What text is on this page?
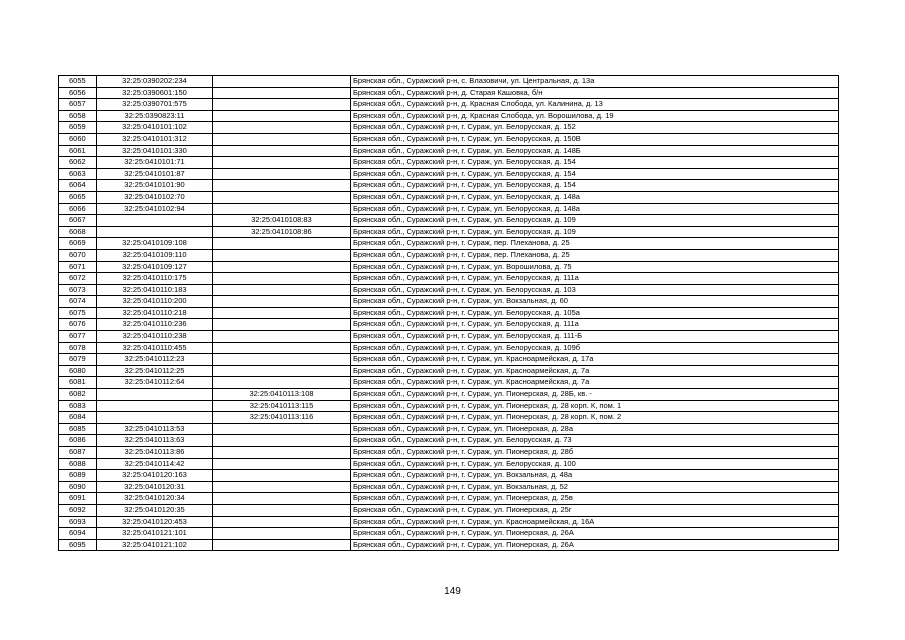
6055	32:25:0390202:234		Брянская обл., Суражский р-н, с. Влазовичи, ул. Центральная, д. 13а
6056	32:25:0390601:150		Брянская обл., Суражский р-н, д. Старая Кашовка, б/н
6057	32:25:0390701:575		Брянская обл., Суражский р-н, д. Красная Слобода, ул. Калинина, д. 13
6058	32:25:0390823:11		Брянская обл., Суражский р-н, д. Красная Слобода, ул. Ворошилова, д. 19
6059	32:25:0410101:102		Брянская обл., Суражский р-н, г. Сураж, ул. Белорусская, д. 152
6060	32:25:0410101:312		Брянская обл., Суражский р-н, г. Сураж, ул. Белорусская, д. 150В
6061	32:25:0410101:330		Брянская обл., Суражский р-н, г. Сураж, ул. Белорусская, д. 148Б
6062	32:25:0410101:71		Брянская обл., Суражский р-н, г. Сураж, ул. Белорусская, д. 154
6063	32:25:0410101:87		Брянская обл., Суражский р-н, г. Сураж, ул. Белорусская, д. 154
6064	32:25:0410101:90		Брянская обл., Суражский р-н, г. Сураж, ул. Белорусская, д. 154
6065	32:25:0410102:70		Брянская обл., Суражский р-н, г. Сураж, ул. Белорусская, д. 148а
6066	32:25:0410102:94		Брянская обл., Суражский р-н, г. Сураж, ул. Белорусская, д. 148а
6067		32:25:0410108:83	Брянская обл., Суражский р-н, г. Сураж, ул. Белорусская, д. 109
6068		32:25:0410108:86	Брянская обл., Суражский р-н, г. Сураж, ул. Белорусская, д. 109
6069	32:25:0410109:108		Брянская обл., Суражский р-н, г. Сураж, пер. Плеханова, д. 25
6070	32:25:0410109:110		Брянская обл., Суражский р-н, г. Сураж, пер. Плеханова, д. 25
6071	32:25:0410109:127		Брянская обл., Суражский р-н, г. Сураж, ул. Ворошилова, д. 75
6072	32:25:0410110:175		Брянская обл., Суражский р-н, г. Сураж, ул. Белорусская, д. 111а
6073	32:25:0410110:183		Брянская обл., Суражский р-н, г. Сураж, ул. Белорусская, д. 103
6074	32:25:0410110:200		Брянская обл., Суражский р-н, г. Сураж, ул. Вокзальная, д. 60
6075	32:25:0410110:218		Брянская обл., Суражский р-н, г. Сураж, ул. Белорусская, д. 105а
6076	32:25:0410110:236		Брянская обл., Суражский р-н, г. Сураж, ул. Белорусская, д. 111а
6077	32:25:0410110:238		Брянская обл., Суражский р-н, г. Сураж, ул. Белорусская, д. 111-Б
6078	32:25:0410110:455		Брянская обл., Суражский р-н, г. Сураж, ул. Белорусская, д. 109б
6079	32:25:0410112:23		Брянская обл., Суражский р-н, г. Сураж, ул. Красноармейская, д. 17а
6080	32:25:0410112:25		Брянская обл., Суражский р-н, г. Сураж, ул. Красноармейская, д. 7а
6081	32:25:0410112:64		Брянская обл., Суражский р-н, г. Сураж, ул. Красноармейская, д. 7а
6082		32:25:0410113:108	Брянская обл., Суражский р-н, г. Сураж, ул. Пионерская, д. 28Б, кв. -
6083		32:25:0410113:115	Брянская обл., Суражский р-н, г. Сураж, ул. Пионерская, д. 28 корп. К, пом. 1
6084		32:25:0410113:116	Брянская обл., Суражский р-н, г. Сураж, ул. Пионерская, д. 28 корп. К, пом. 2
6085	32:25:0410113:53		Брянская обл., Суражский р-н, г. Сураж, ул. Пионерская, д. 28а
6086	32:25:0410113:63		Брянская обл., Суражский р-н, г. Сураж, ул. Белорусская, д. 73
6087	32:25:0410113:86		Брянская обл., Суражский р-н, г. Сураж, ул. Пионерская, д. 28б
6088	32:25:0410114:42		Брянская обл., Суражский р-н, г. Сураж, ул. Белорусская, д. 100
6089	32:25:0410120:163		Брянская обл., Суражский р-н, г. Сураж, ул. Вокзальная, д. 48а
6090	32:25:0410120:31		Брянская обл., Суражский р-н, г. Сураж, ул. Вокзальная, д. 52
6091	32:25:0410120:34		Брянская обл., Суражский р-н, г. Сураж, ул. Пионерская, д. 25в
6092	32:25:0410120:35		Брянская обл., Суражский р-н, г. Сураж, ул. Пионерская, д. 25г
6093	32:25:0410120:453		Брянская обл., Суражский р-н, г. Сураж, ул. Красноармейская, д. 16А
6094	32:25:0410121:101		Брянская обл., Суражский р-н, г. Сураж, ул. Пионерская, д. 26А
6095	32:25:0410121:102		Брянская обл., Суражский р-н, г. Сураж, ул. Пионерская, д. 26А
149
